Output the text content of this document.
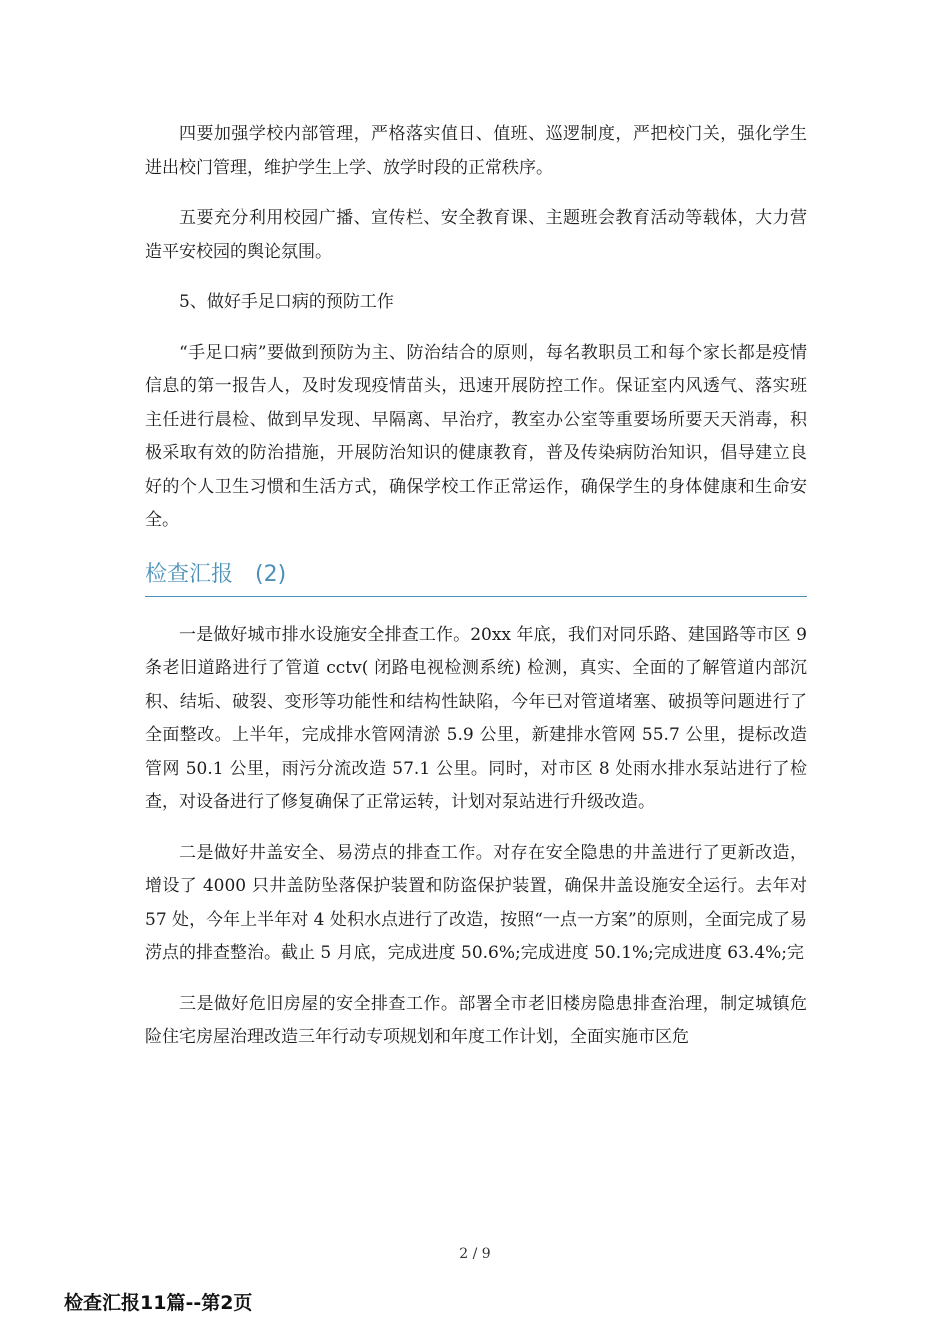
四要加强学校内部管理，严格落实值日、值班、巡逻制度，严把校门关，强化学生进出校门管理，维护学生上学、放学时段的正常秩序。

五要充分利用校园广播、宣传栏、安全教育课、主题班会教育活动等载体，大力营造平安校园的舆论氛围。

5、做好手足口病的预防工作

“手足口病”要做到预防为主、防治结合的原则，每名教职员工和每个家长都是疫情信息的第一报告人，及时发现疫情苗头，迅速开展防控工作。保证室内风透气、落实班主任进行晨检、做到早发现、早隔离、早治疗，教室办公室等重要场所要天天消毒，积极采取有效的防治措施，开展防治知识的健康教育，普及传染病防治知识，倡导建立良好的个人卫生习惯和生活方式，确保学校工作正常运作，确保学生的身体健康和生命安全。

检查汇报　(2)

一是做好城市排水设施安全排查工作。20xx 年底，我们对同乐路、建国路等市区 9 条老旧道路进行了管道 cctv( 闭路电视检测系统) 检测，真实、全面的了解管道内部沉积、结垢、破裂、变形等功能性和结构性缺陷，今年已对管道堵塞、破损等问题进行了全面整改。上半年，完成排水管网清淤 5.9 公里，新建排水管网 55.7 公里，提标改造管网 50.1 公里，雨污分流改造 57.1 公里。同时，对市区 8 处雨水排水泵站进行了检查，对设备进行了修复确保了正常运转，计划对泵站进行升级改造。

二是做好井盖安全、易涝点的排查工作。对存在安全隐患的井盖进行了更新改造，增设了 4000 只井盖防坠落保护装置和防盗保护装置，确保井盖设施安全运行。去年对 57 处，今年上半年对 4 处积水点进行了改造，按照“一点一方案”的原则，全面完成了易涝点的排查整治。截止 5 月底，完成进度 50.6%;完成进度 50.1%;完成进度 63.4%;完

三是做好危旧房屋的安全排查工作。部署全市老旧楼房隐患排查治理，制定城镇危险住宅房屋治理改造三年行动专项规划和年度工作计划，全面实施市区危

2 / 9
检查汇报11篇--第2页
